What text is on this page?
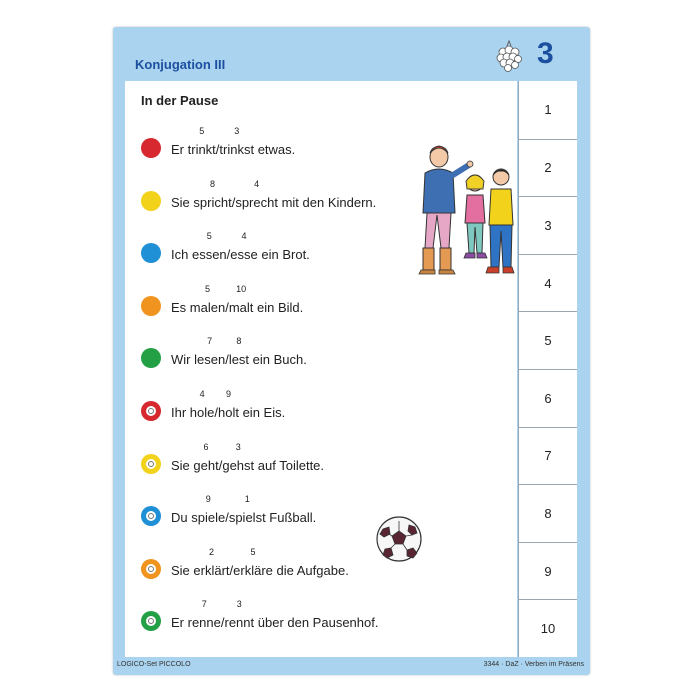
Konjugation III	3
In der Pause
Er
5
trinkt/
3
trinkst etwas.
Sie
8
spricht/
4
sprecht mit den Kindern.
Ich
5
essen/
4
esse ein Brot.
Es
5
malen/
10
malt ein Bild.
Wir
7
lesen/
8
lest ein Buch.
Ihr
4
hole/
9
holt ein Eis.
Sie
6
geht/
3
gehst auf Toilette.
Du
9
spiele/
1
spielst Fußball.
Sie
2
erklärt/
5
erkläre die Aufgabe.
Er
7
renne/
3
rennt über den Pausenhof.
1
2
3
4
5
6
7
8
9
10
LOGICO-Set PICCOLO	3344 · DaZ · Verben im Präsens
